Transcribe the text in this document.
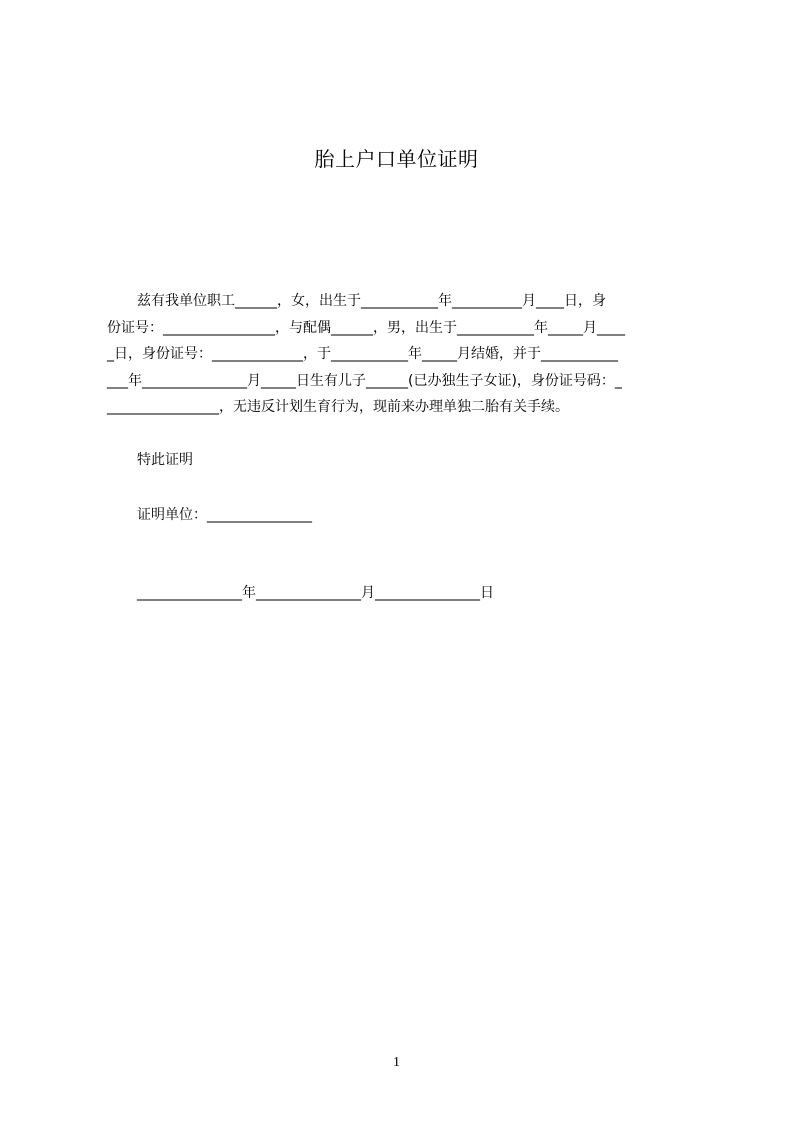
胎上户口单位证明
兹有我单位职工______，女，出生于___________年__________月____日，身
份证号：________________，与配偶______，男，出生于___________年_____月____
_日，身份证号：_____________，于___________年_____月结婚，并于___________
___年_______________月_____日生有儿子______(已办独生子女证)，身份证号码：_
________________，无违反计划生育行为，现前来办理单独二胎有关手续。
特此证明
证明单位：_______________
_______________年_______________月_______________日
1
